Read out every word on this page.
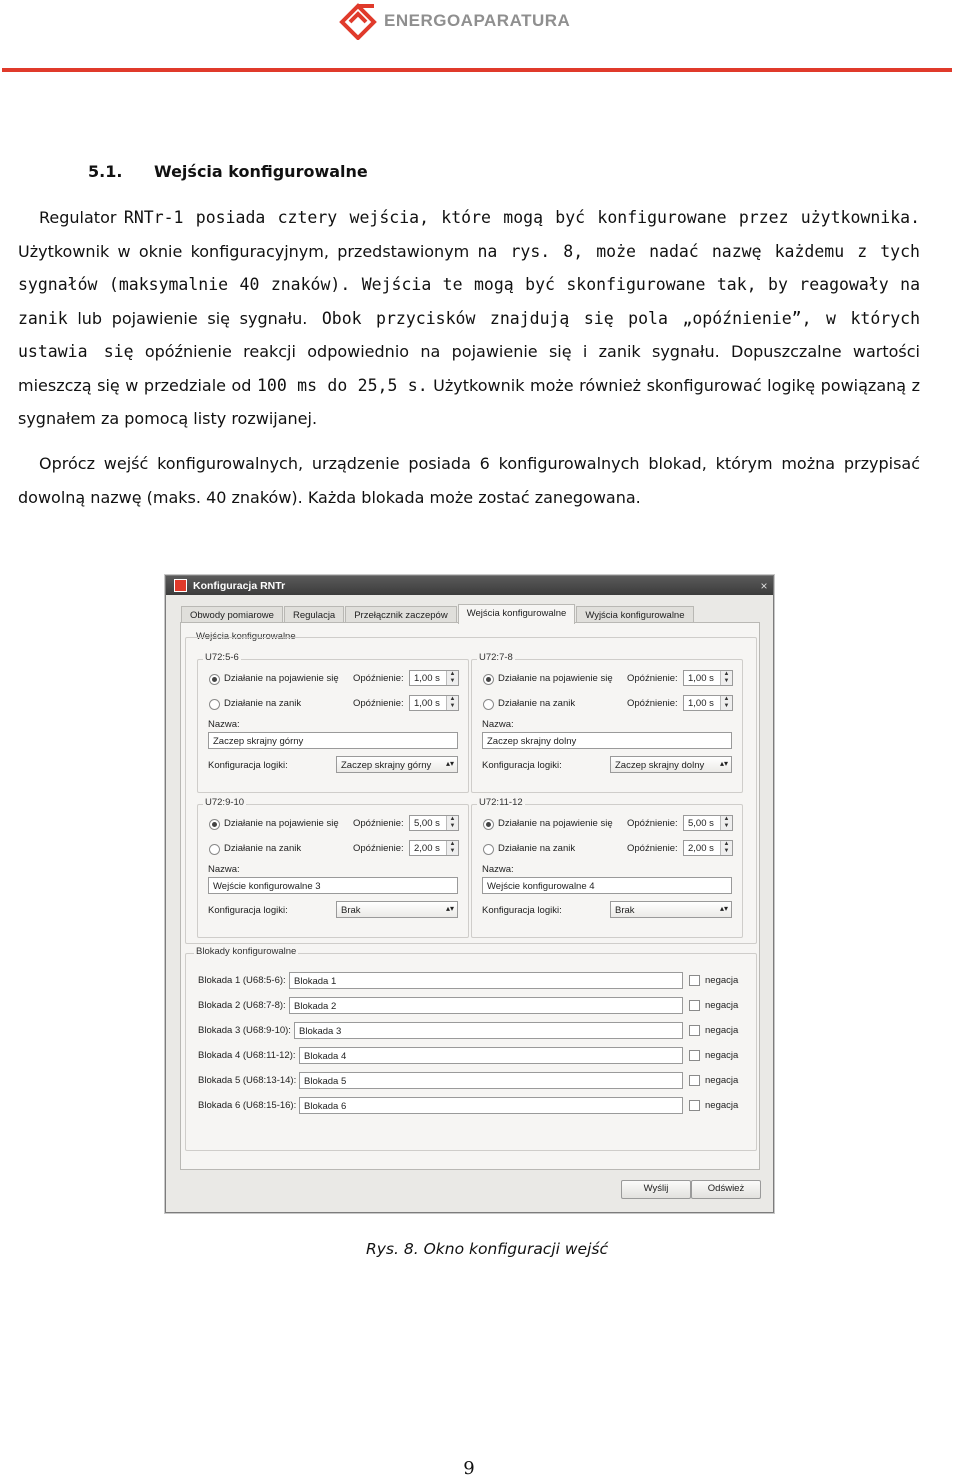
ENERGOAPARATURA
5.1. Wejścia konfigurowalne
Regulator RNTr-1 posiada cztery wejścia, które mogą być konfigurowane przez użytkownika. Użytkownik w oknie konfiguracyjnym, przedstawionym na rys. 8, może nadać nazwę każdemu z tych sygnałów (maksymalnie 40 znaków). Wejścia te mogą być skonfigurowane tak, by reagowały na zanik lub pojawienie się sygnału. Obok przycisków znajdują się pola „opóźnienie”, w których ustawia się opóźnienie reakcji odpowiednio na pojawienie się i zanik sygnału. Dopuszczalne wartości mieszczą się w przedziale od 100 ms do 25,5 s. Użytkownik może również skonfigurować logikę powiązaną z sygnałem za pomocą listy rozwijanej.
Oprócz wejść konfigurowalnych, urządzenie posiada 6 konfigurowalnych blokad, którym można przypisać dowolną nazwę (maks. 40 znaków). Każda blokada może zostać zanegowana.
Konfiguracja RNTr	×
Obwody pomiarowe	Regulacja	Przełącznik zaczepów	Wejścia konfigurowalne	Wyjścia konfigurowalne
Wejścia konfigurowalne
U72:5-6
Działanie na pojawienie się Opóźnienie: 1,00 s	▲
▼
Działanie na zanik	Opóźnienie: 1,00 s	▲
▼
Nazwa:
Zaczep skrajny górny
Konfiguracja logiki:	Zaczep skrajny górny ▴▾
U72:7-8
Działanie na pojawienie się Opóźnienie: 1,00 s	▲
▼
Działanie na zanik	Opóźnienie: 1,00 s	▲
▼
Nazwa:
Zaczep skrajny dolny
Konfiguracja logiki:	Zaczep skrajny dolny ▴▾
U72:9-10
Działanie na pojawienie się Opóźnienie: 5,00 s	▲
▼
Działanie na zanik	Opóźnienie: 2,00 s	▲
▼
Nazwa:
Wejście konfigurowalne 3
Konfiguracja logiki:	Brak	▴▾
U72:11-12
Działanie na pojawienie się Opóźnienie: 5,00 s	▲
▼
Działanie na zanik	Opóźnienie: 2,00 s	▲
▼
Nazwa:
Wejście konfigurowalne 4
Konfiguracja logiki:	Brak	▴▾
Blokady konfigurowalne
Blokada 1 (U68:5-6): Blokada 1	negacja
Blokada 2 (U68:7-8): Blokada 2	negacja
Blokada 3 (U68:9-10): Blokada 3	negacja
Blokada 4 (U68:11-12): Blokada 4	negacja
Blokada 5 (U68:13-14): Blokada 5	negacja
Blokada 6 (U68:15-16): Blokada 6	negacja
Wyślij	Odśwież
Rys. 8. Okno konfiguracji wejść
9
